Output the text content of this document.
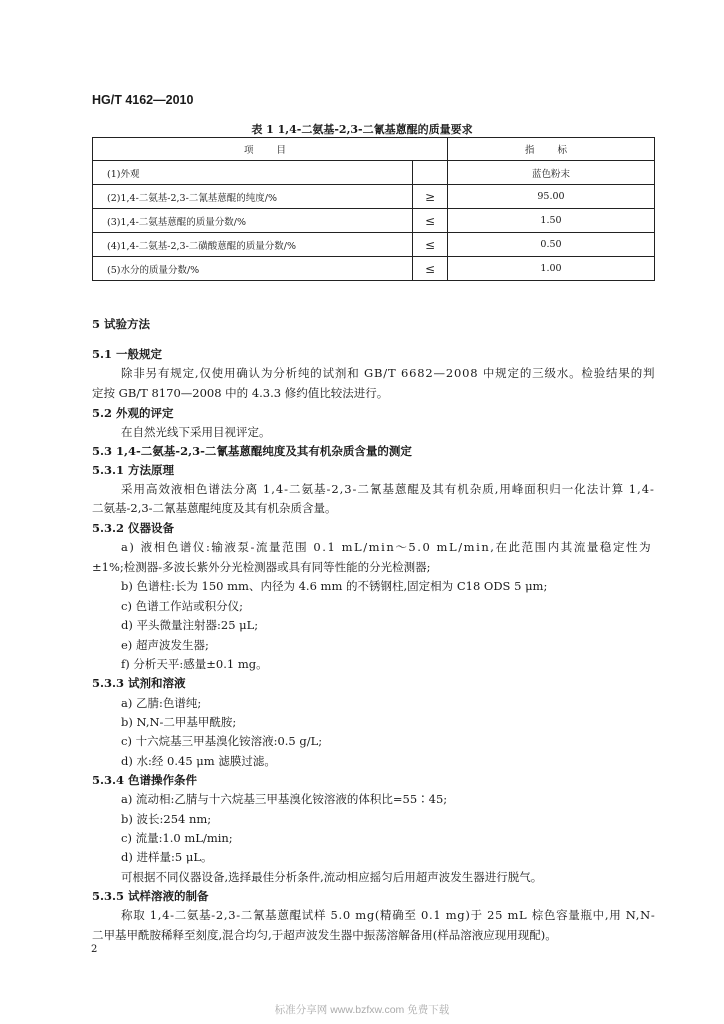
HG/T 4162—2010
表 1 1,4-二氨基-2,3-二氰基蒽醌的质量要求
项 目		指 标
(1)外观		蓝色粉末
(2)1,4-二氨基-2,3-二氰基蒽醌的纯度/%	≥	95.00
(3)1,4-二氨基蒽醌的质量分数/%	≤	1.50
(4)1,4-二氨基-2,3-二磺酸蒽醌的质量分数/%	≤	0.50
(5)水分的质量分数/%	≤	1.00
5 试验方法
5.1 一般规定
除非另有规定,仅使用确认为分析纯的试剂和 GB/T 6682—2008 中规定的三级水。检验结果的判
定按 GB/T 8170—2008 中的 4.3.3 修约值比较法进行。
5.2 外观的评定
在自然光线下采用目视评定。
5.3 1,4-二氨基-2,3-二氰基蒽醌纯度及其有机杂质含量的测定
5.3.1 方法原理
采用高效液相色谱法分离 1,4-二氨基-2,3-二氰基蒽醌及其有机杂质,用峰面积归一化法计算 1,4-
二氨基-2,3-二氰基蒽醌纯度及其有机杂质含量。
5.3.2 仪器设备
a) 液相色谱仪:输液泵-流量范围 0.1 mL/min～5.0 mL/min,在此范围内其流量稳定性为
±1%;检测器-多波长紫外分光检测器或具有同等性能的分光检测器;
b) 色谱柱:长为 150 mm、内径为 4.6 mm 的不锈钢柱,固定相为 C18 ODS 5 μm;
c) 色谱工作站或积分仪;
d) 平头微量注射器:25 μL;
e) 超声波发生器;
f) 分析天平:感量±0.1 mg。
5.3.3 试剂和溶液
a) 乙腈:色谱纯;
b) N,N-二甲基甲酰胺;
c) 十六烷基三甲基溴化铵溶液:0.5 g/L;
d) 水:经 0.45 μm 滤膜过滤。
5.3.4 色谱操作条件
a) 流动相:乙腈与十六烷基三甲基溴化铵溶液的体积比=55∶45;
b) 波长:254 nm;
c) 流量:1.0 mL/min;
d) 进样量:5 μL。
可根据不同仪器设备,选择最佳分析条件,流动相应摇匀后用超声波发生器进行脱气。
5.3.5 试样溶液的制备
称取 1,4-二氨基-2,3-二氰基蒽醌试样 5.0 mg(精确至 0.1 mg)于 25 mL 棕色容量瓶中,用 N,N-
二甲基甲酰胺稀释至刻度,混合均匀,于超声波发生器中振荡溶解备用(样品溶液应现用现配)。
2
标准分享网 www.bzfxw.com 免费下载
